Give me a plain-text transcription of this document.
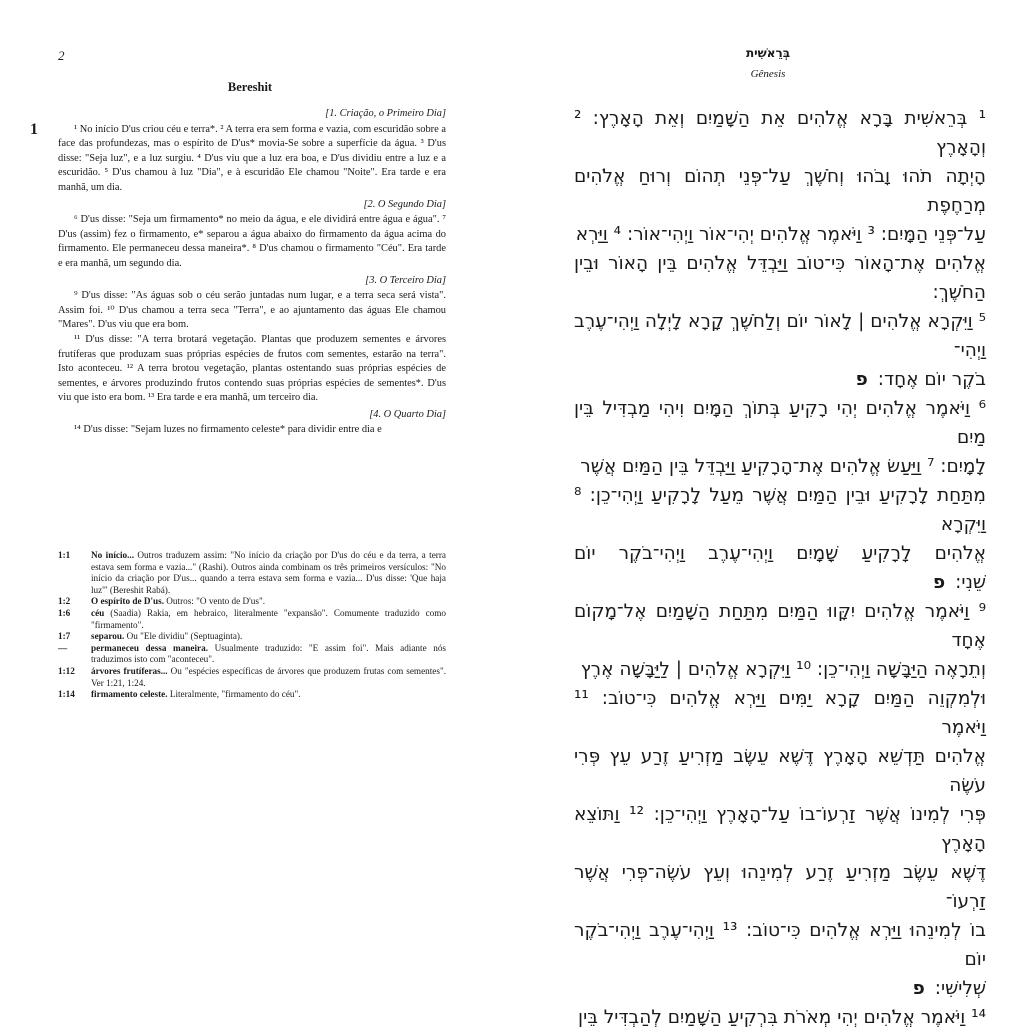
2
Bereshit
1

[1. Criação, o Primeiro Dia]

¹ No início D'us criou céu e terra*. ² A terra era sem forma e vazia, com escuridão sobre a face das profundezas, mas o espírito de D'us* movia-Se sobre a superfície da água. ³ D'us disse: "Seja luz", e a luz surgiu. ⁴ D'us viu que a luz era boa, e D'us dividiu entre a luz e a escuridão. ⁵ D'us chamou à luz "Dia", e à escuridão Ele chamou "Noite". Era tarde e era manhã, um dia.

[2. O Segundo Dia]

⁶ D'us disse: "Seja um firmamento* no meio da água, e ele dividirá entre água e água". ⁷ D'us (assim) fez o firmamento, e* separou a água abaixo do firmamento da água acima do firmamento. Ele permaneceu dessa maneira*. ⁸ D'us chamou o firmamento "Céu". Era tarde e era manhã, um segundo dia.

[3. O Terceiro Dia]

⁹ D'us disse: "As águas sob o céu serão juntadas num lugar, e a terra seca será vista". Assim foi. ¹⁰ D'us chamou a terra seca "Terra", e ao ajuntamento das águas Ele chamou "Mares". D'us viu que era bom.

¹¹ D'us disse: "A terra brotará vegetação. Plantas que produzem sementes e árvores frutíferas que produzam suas próprias espécies de frutos com sementes, estarão na terra". Isto aconteceu. ¹² A terra brotou vegetação, plantas ostentando suas próprias espécies de sementes, e árvores produzindo frutos contendo suas próprias espécies de sementes*. D'us viu que isto era bom. ¹³ Era tarde e era manhã, um terceiro dia.

[4. O Quarto Dia]

¹⁴ D'us disse: "Sejam luzes no firmamento celeste* para dividir entre dia e

1:1	No início... Outros traduzem assim: "No início da criação por D'us do céu e da terra, a terra estava sem forma e vazia..." (Rashi). Outros ainda combinam os três primeiros versículos: "No início da criação por D'us... quando a terra estava sem forma e vazia... D'us disse: 'Que haja luz'" (Bereshit Rabá).
1:2	O espírito de D'us. Outros: "O vento de D'us".
1:6	céu (Saadia) Rakia, em hebraico, literalmente "expansão". Comumente traduzido como "firmamento".
1:7	separou. Ou "Ele dividiu" (Septuaginta).
—	permaneceu dessa maneira. Usualmente traduzido: "E assim foi". Mais adiante nós traduzimos isto com "aconteceu".
1:12	árvores frutíferas... Ou "espécies específicas de árvores que produzem frutas com sementes". Ver 1:21, 1:24.
1:14	firmamento celeste. Literalmente, "firmamento do céu".
בְּרֵאשִׁית
Gênesis
¹ בְּרֵאשִׁית בָּרָא אֱלֹהִים אֵת הַשָּׁמַיִם וְאֵת הָאָרֶץ: ² וְהָאָרֶץ
הָיְתָה תֹהוּ וָבֹהוּ וְחֹשֶׁךְ עַל־פְּנֵי תְהוֹם וְרוּחַ אֱלֹהִים מְרַחֶפֶת
עַל־פְּנֵי הַמָּיִם: ³ וַיֹּאמֶר אֱלֹהִים יְהִי־אוֹר וַיְהִי־אוֹר: ⁴ וַיַּרְא
אֱלֹהִים אֶת־הָאוֹר כִּי־טוֹב וַיַּבְדֵּל אֱלֹהִים בֵּין הָאוֹר וּבֵין הַחֹשֶׁךְ:
⁵ וַיִּקְרָא אֱלֹהִים | לָאוֹר יוֹם וְלַחֹשֶׁךְ קָרָא לָיְלָה וַיְהִי־עֶרֶב וַיְהִי־
בֹקֶר יוֹם אֶחָד:פ
⁶ וַיֹּאמֶר אֱלֹהִים יְהִי רָקִיעַ בְּתוֹךְ הַמָּיִם וִיהִי מַבְדִּיל בֵּין מַיִם
לָמָיִם: ⁷ וַיַּעַשׂ אֱלֹהִים אֶת־הָרָקִיעַ וַיַּבְדֵּל בֵּין הַמַּיִם אֲשֶׁר
מִתַּחַת לָרָקִיעַ וּבֵין הַמַּיִם אֲשֶׁר מֵעַל לָרָקִיעַ וַיְהִי־כֵן: ⁸ וַיִּקְרָא
אֱלֹהִים לָרָקִיעַ שָׁמָיִם וַיְהִי־עֶרֶב וַיְהִי־בֹקֶר יוֹם שֵׁנִי:פ
⁹ וַיֹּאמֶר אֱלֹהִים יִקָּווּ הַמַּיִם מִתַּחַת הַשָּׁמַיִם אֶל־מָקוֹם אֶחָד
וְתֵרָאֶה הַיַּבָּשָׁה וַיְהִי־כֵן: ¹⁰ וַיִּקְרָא אֱלֹהִים | לַיַּבָּשָׁה אֶרֶץ
וּלְמִקְוֵה הַמַּיִם קָרָא יַמִּים וַיַּרְא אֱלֹהִים כִּי־טוֹב: ¹¹ וַיֹּאמֶר
אֱלֹהִים תַּדְשֵׁא הָאָרֶץ דֶּשֶׁא עֵשֶׂב מַזְרִיעַ זֶרַע עֵץ פְּרִי עֹשֶׂה
פְּרִי לְמִינוֹ אֲשֶׁר זַרְעוֹ־בוֹ עַל־הָאָרֶץ וַיְהִי־כֵן: ¹² וַתּוֹצֵא הָאָרֶץ
דֶּשֶׁא עֵשֶׂב מַזְרִיעַ זֶרַע לְמִינֵהוּ וְעֵץ עֹשֶׂה־פְּרִי אֲשֶׁר זַרְעוֹ־
בוֹ לְמִינֵהוּ וַיַּרְא אֱלֹהִים כִּי־טוֹב: ¹³ וַיְהִי־עֶרֶב וַיְהִי־בֹקֶר יוֹם
שְׁלִישִׁי:פ
¹⁴ וַיֹּאמֶר אֱלֹהִים יְהִי מְאֹרֹת בִּרְקִיעַ הַשָּׁמַיִם לְהַבְדִּיל בֵּין
